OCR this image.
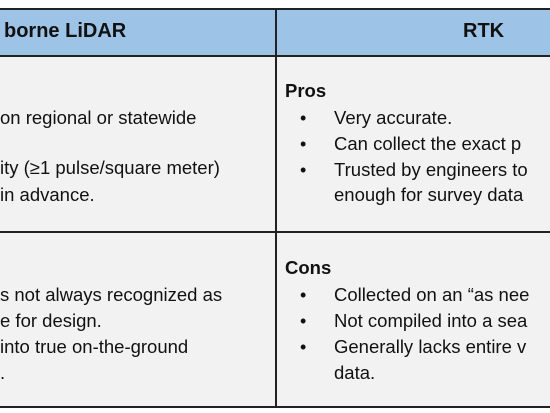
borne LiDAR	RTK
on regional or statewide
ity (≥1 pulse/square meter)
in advance.
s not always recognized as
e for design.
into true on-the-ground
.
Pros
• Very accurate.
• Can collect the exact p
• Trusted by engineers to
enough for survey data
Cons
• Collected on an “as nee
• Not compiled into a sea
• Generally lacks entire v
data.
